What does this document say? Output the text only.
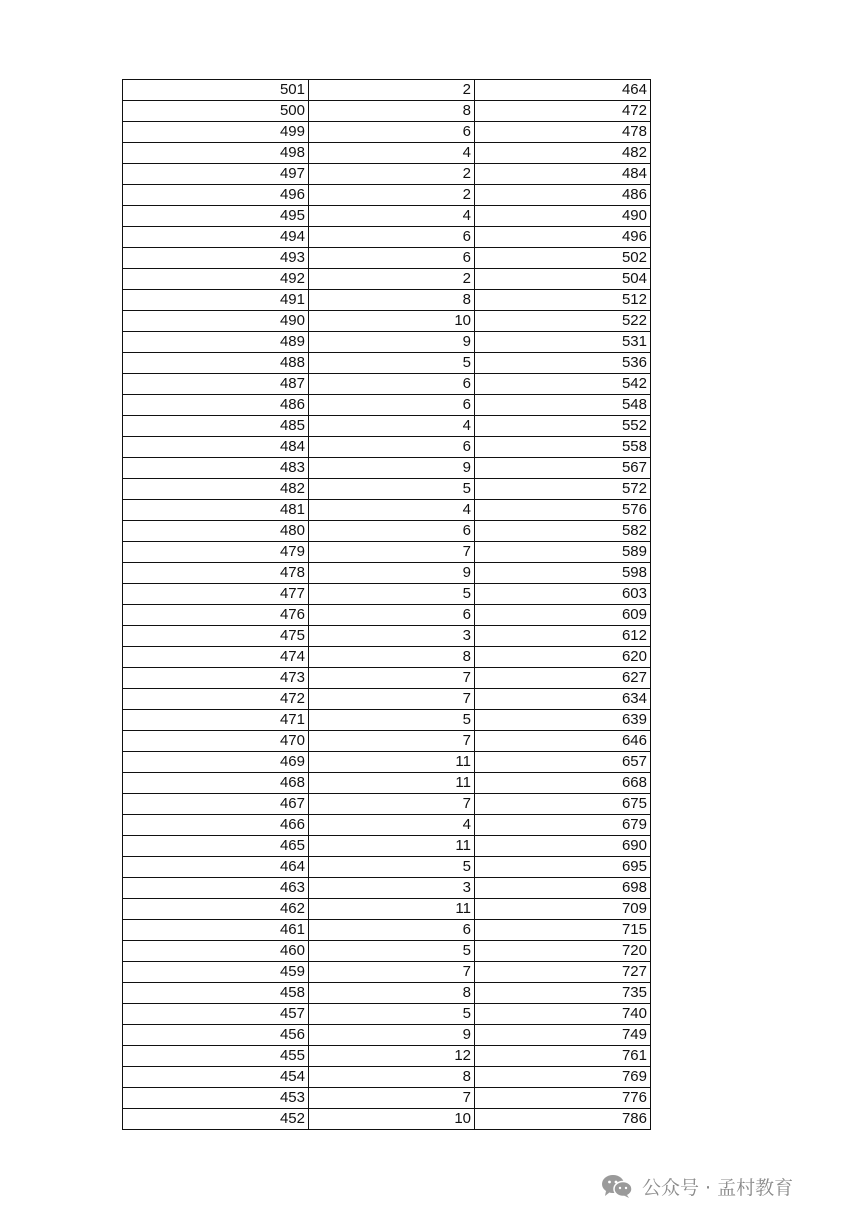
501	2	464
500	8	472
499	6	478
498	4	482
497	2	484
496	2	486
495	4	490
494	6	496
493	6	502
492	2	504
491	8	512
490	10	522
489	9	531
488	5	536
487	6	542
486	6	548
485	4	552
484	6	558
483	9	567
482	5	572
481	4	576
480	6	582
479	7	589
478	9	598
477	5	603
476	6	609
475	3	612
474	8	620
473	7	627
472	7	634
471	5	639
470	7	646
469	11	657
468	11	668
467	7	675
466	4	679
465	11	690
464	5	695
463	3	698
462	11	709
461	6	715
460	5	720
459	7	727
458	8	735
457	5	740
456	9	749
455	12	761
454	8	769
453	7	776
452	10	786
公众号 · 孟村教育
